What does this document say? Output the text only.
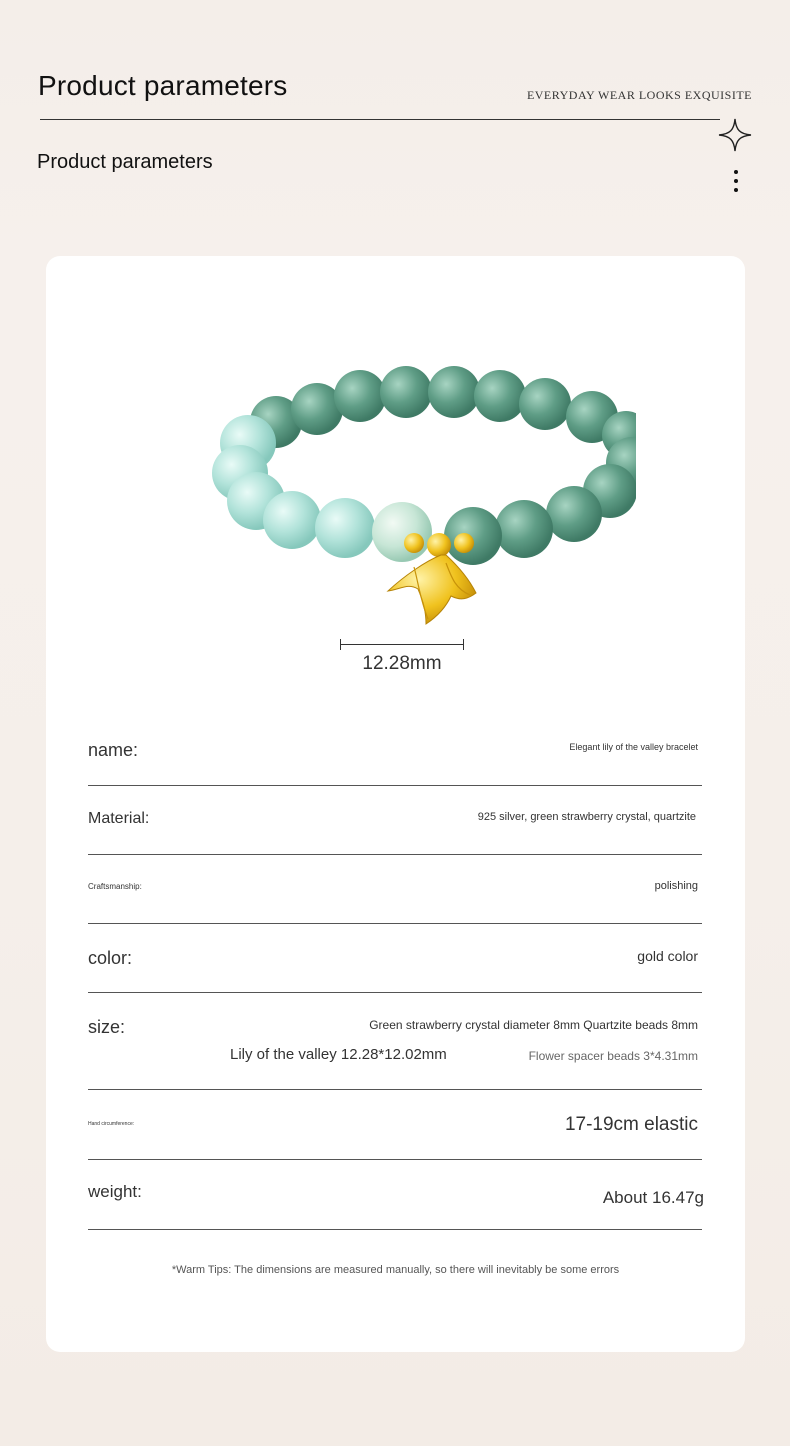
Product parameters	EVERYDAY WEAR LOOKS EXQUISITE
Product parameters
12.28mm
name:	Elegant lily of the valley bracelet
Material:	925 silver, green strawberry crystal, quartzite
Craftsmanship:	polishing
color:	gold color
size:	Green strawberry crystal diameter 8mm Quartzite beads 8mm
Lily of the valley 12.28*12.02mm	Flower spacer beads 3*4.31mm
Hand circumference:	17-19cm elastic
weight:	About 16.47g
*Warm Tips: The dimensions are measured manually, so there will inevitably be some errors
